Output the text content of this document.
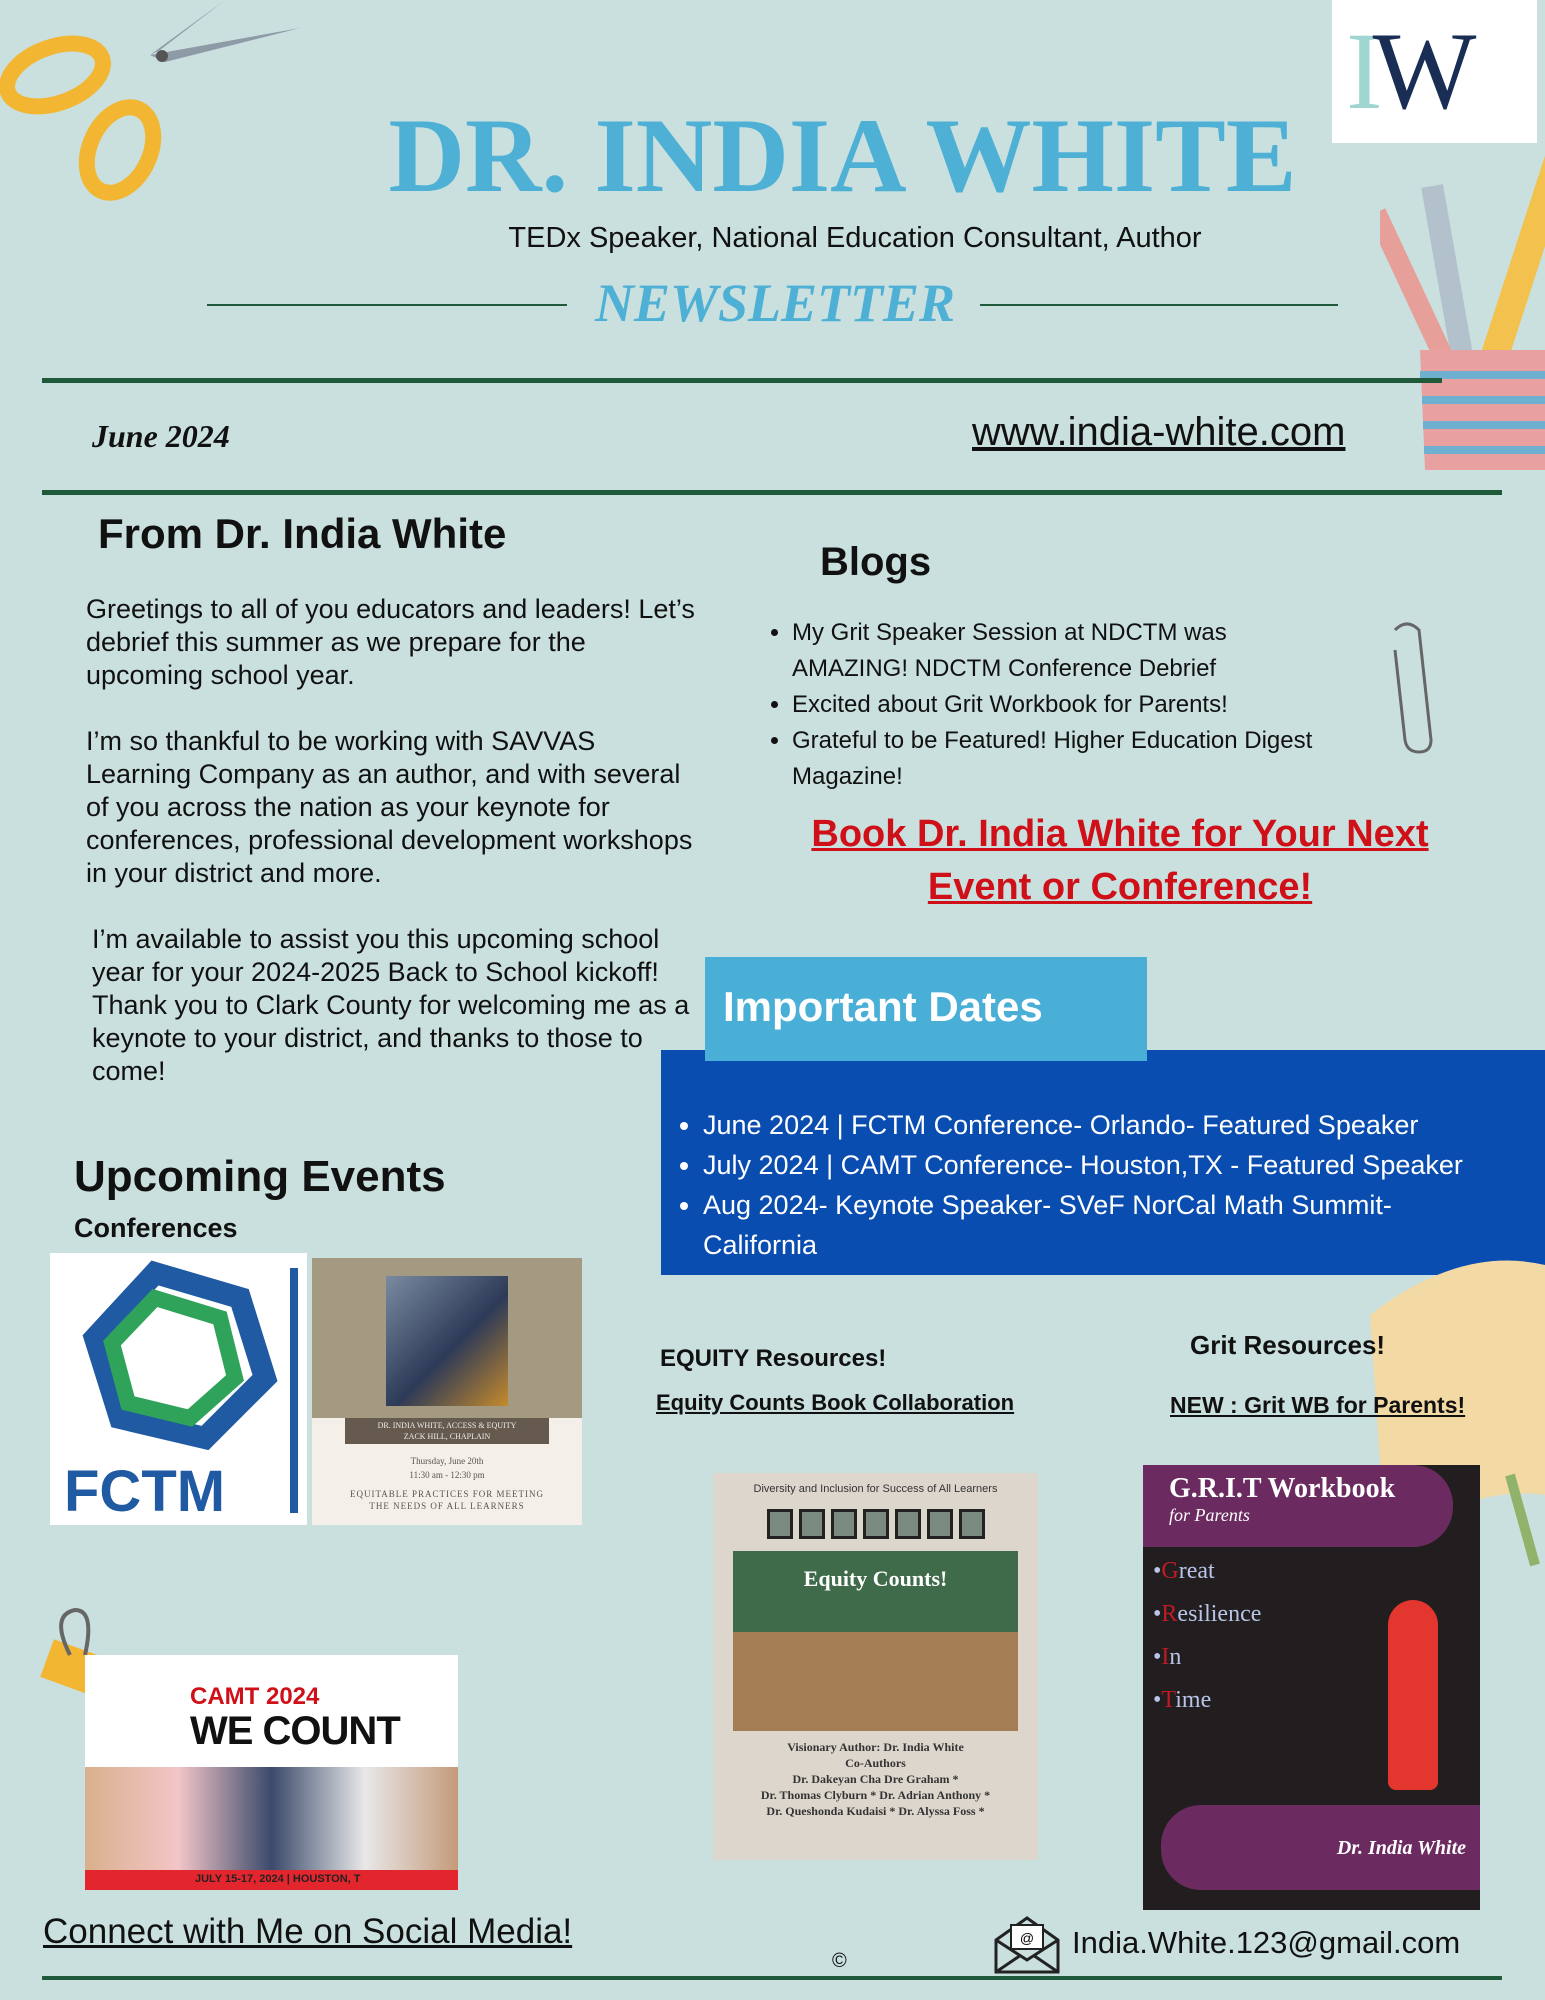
IW
DR. INDIA WHITE
TEDx Speaker, National Education Consultant, Author
NEWSLETTER
June 2024	www.india-white.com
From Dr. India White

Greetings to all of you educators and leaders! Let’s debrief this summer as we prepare for the upcoming school year.

I’m so thankful to be working with SAVVAS Learning Company as an author, and with several of you across the nation as your keynote for conferences, professional development workshops in your district and more.

I’m available to assist you this upcoming school year for your 2024-2025 Back to School kickoff! Thank you to Clark County for welcoming me as a keynote to your district, and thanks to those to come!

Blogs
• My Grit Speaker Session at NDCTM was AMAZING! NDCTM Conference Debrief
• Excited about Grit Workbook for Parents!
• Grateful to be Featured! Higher Education Digest Magazine!
Book Dr. India White for Your Next
Event or Conference!
• June 2024 | FCTM Conference- Orlando- Featured Speaker
• July 2024 | CAMT Conference- Houston,TX - Featured Speaker
• Aug 2024- Keynote Speaker- SVeF NorCal Math Summit- California
Important Dates
Upcoming Events
Conferences
FCTM
DR. INDIA WHITE, ACCESS & EQUITY
ZACK HILL, CHAPLAIN
Thursday, June 20th
11:30 am - 12:30 pm
EQUITABLE PRACTICES FOR MEETING
THE NEEDS OF ALL LEARNERS
CAMT 2024
WE COUNT
JULY 15-17, 2024 | HOUSTON, T
EQUITY Resources!
Equity Counts Book Collaboration
Grit Resources!
NEW : Grit WB for Parents!
Diversity and Inclusion for Success of All Learners
Equity Counts!
Visionary Author: Dr. India White
Co-Authors
Dr. Dakeyan Cha Dre Graham *
Dr. Thomas Clyburn * Dr. Adrian Anthony *
Dr. Queshonda Kudaisi * Dr. Alyssa Foss *
G.R.I.T Workbook
for Parents
•Great
•Resilience
•In
•Time
Dr. India White
Connect with Me on Social Media!
©
@ India.White.123@gmail.com
